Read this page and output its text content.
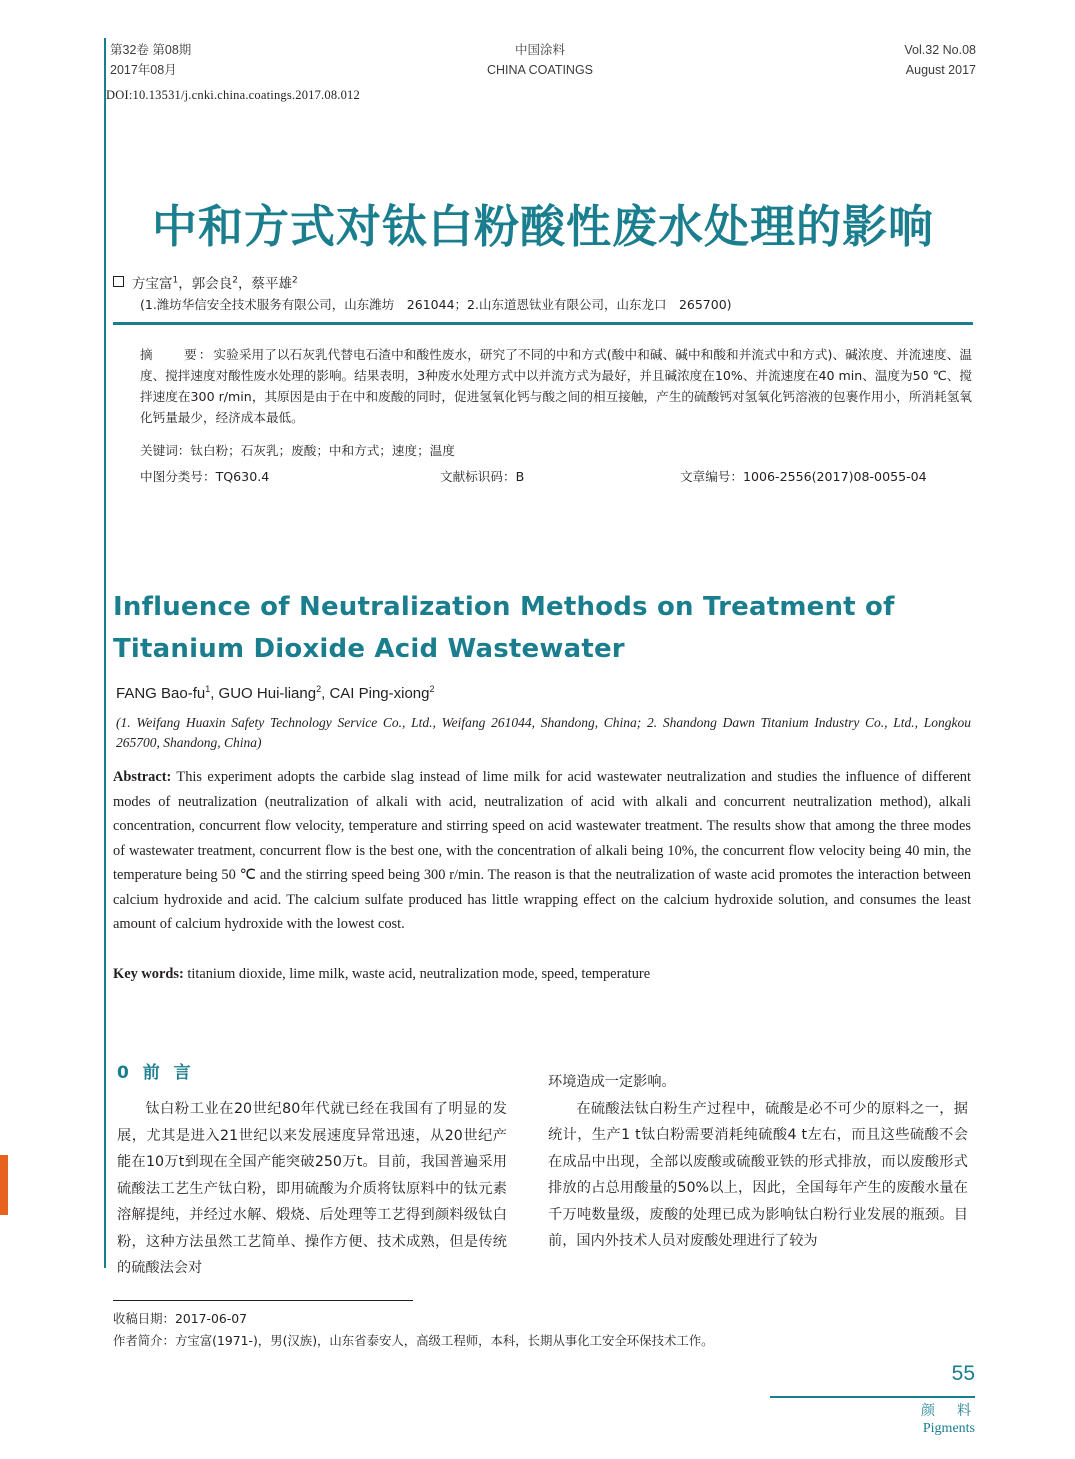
第32卷 第08期
2017年08月
中国涂料
CHINA COATINGS
Vol.32 No.08
August 2017
DOI:10.13531/j.cnki.china.coatings.2017.08.012
中和方式对钛白粉酸性废水处理的影响
方宝富$^1$，郭会良$^2$，蔡平雄$^2$
(1.潍坊华信安全技术服务有限公司，山东潍坊　261044；2.山东道恩钛业有限公司，山东龙口　265700)
摘　　要：实验采用了以石灰乳代替电石渣中和酸性废水，研究了不同的中和方式(酸中和碱、碱中和酸和并流式中和方式)、碱浓度、并流速度、温度、搅拌速度对酸性废水处理的影响。结果表明，3种废水处理方式中以并流方式为最好，并且碱浓度在10%、并流速度在40 min、温度为50 ℃、搅拌速度在300 r/min，其原因是由于在中和废酸的同时，促进氢氧化钙与酸之间的相互接触，产生的硫酸钙对氢氧化钙溶液的包裹作用小，所消耗氢氧化钙量最少，经济成本最低。
关键词：钛白粉；石灰乳；废酸；中和方式；速度；温度
中图分类号：TQ630.4	文献标识码：B	文章编号：1006-2556(2017)08-0055-04
Influence of Neutralization Methods on Treatment of Titanium Dioxide Acid Wastewater
FANG Bao-$fu^1$, GUO Hui-liang$^2$, CAI Ping-xiong$^2$
(1. Weifang Huaxin Safety Technology Service Co., Ltd., Weifang 261044, Shandong, China; 2. Shandong Dawn Titanium Industry Co., Ltd., Longkou 265700, Shandong, China)
Abstract: This experiment adopts the carbide slag instead of lime milk for acid wastewater neutralization and studies the influence of different modes of neutralization (neutralization of alkali with acid, neutralization of acid with alkali and concurrent neutralization method), alkali concentration, concurrent flow velocity, temperature and stirring speed on acid wastewater treatment. The results show that among the three modes of wastewater treatment, concurrent flow is the best one, with the concentration of alkali being 10%, the concurrent flow velocity being 40 min, the temperature being 50 ℃ and the stirring speed being 300 r/min. The reason is that the neutralization of waste acid promotes the interaction between calcium hydroxide and acid. The calcium sulfate produced has little wrapping effect on the calcium hydroxide solution, and consumes the least amount of calcium hydroxide with the lowest cost.
Key words: titanium dioxide, lime milk, waste acid, neutralization mode, speed, temperature
0 前 言
钛白粉工业在20世纪80年代就已经在我国有了明显的发展，尤其是进入21世纪以来发展速度异常迅速，从20世纪产能在10万t到现在全国产能突破250万t。目前，我国普遍采用硫酸法工艺生产钛白粉，即用硫酸为介质将钛原料中的钛元素溶解提纯，并经过水解、煅烧、后处理等工艺得到颜料级钛白粉，这种方法虽然工艺简单、操作方便、技术成熟，但是传统的硫酸法会对
环境造成一定影响。
在硫酸法钛白粉生产过程中，硫酸是必不可少的原料之一，据统计，生产1 t钛白粉需要消耗纯硫酸4 t左右，而且这些硫酸不会在成品中出现，全部以废酸或硫酸亚铁的形式排放，而以废酸形式排放的占总用酸量的50%以上，因此，全国每年产生的废酸水量在千万吨数量级，废酸的处理已成为影响钛白粉行业发展的瓶颈。目前，国内外技术人员对废酸处理进行了较为
收稿日期：2017-06-07
作者简介：方宝富(1971-)，男(汉族)，山东省泰安人，高级工程师，本科，长期从事化工安全环保技术工作。
55
颜　料
Pigments
